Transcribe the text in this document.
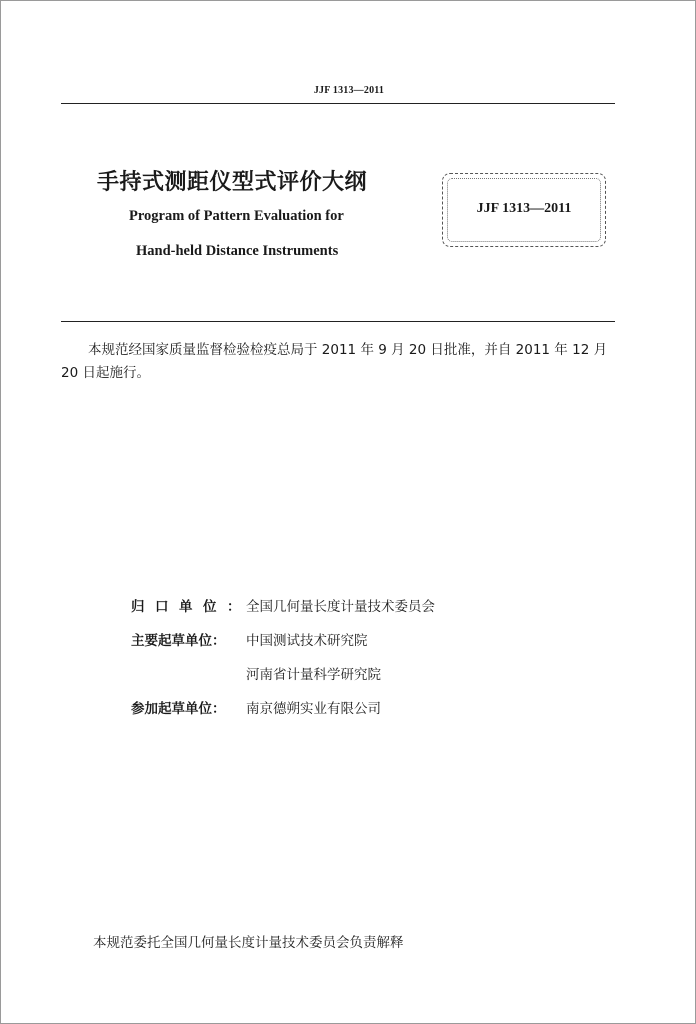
JJF 1313—2011
手持式测距仪型式评价大纲
Program of Pattern Evaluation for
Hand-held Distance Instruments
JJF 1313—2011
本规范经国家质量监督检验检疫总局于 2011 年 9 月 20 日批准，并自 2011 年 12 月 20 日起施行。
归口单位：全国几何量长度计量技术委员会
主要起草单位： 中国测试技术研究院
河南省计量科学研究院
参加起草单位： 南京德朔实业有限公司
本规范委托全国几何量长度计量技术委员会负责解释
